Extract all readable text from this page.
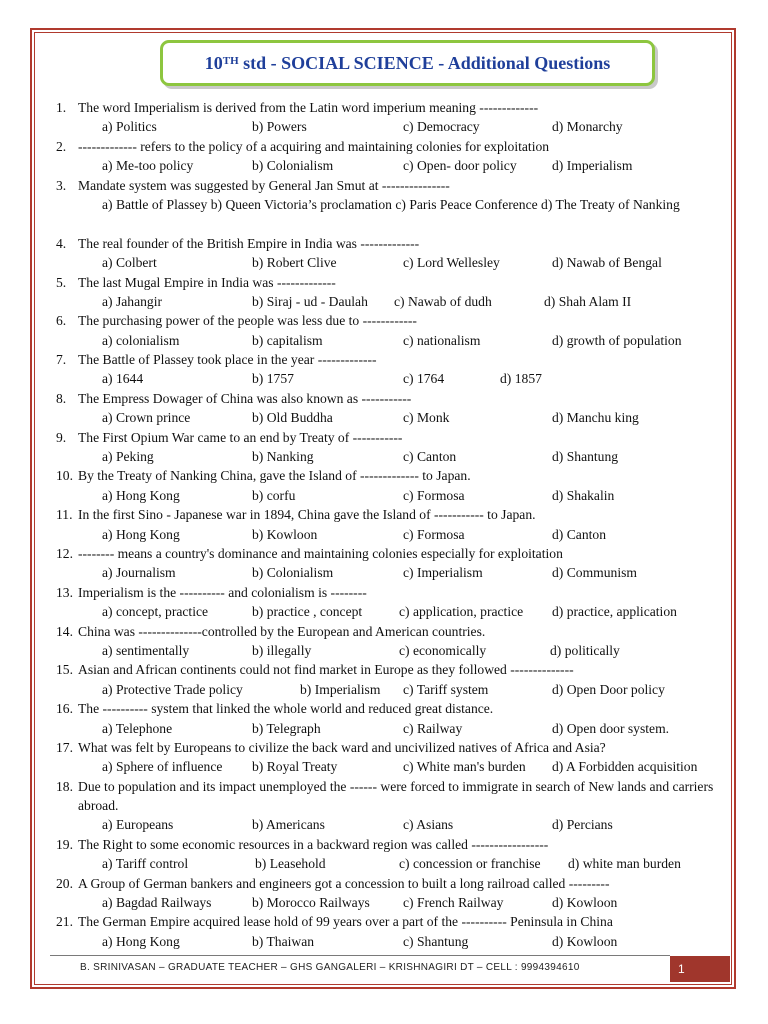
10TH std - SOCIAL SCIENCE - Additional Questions
1. The word Imperialism is derived from the Latin word imperium meaning -------------
a) Politics	b) Powers	c) Democracy	d) Monarchy
2. ------------- refers to the policy of a acquiring and maintaining colonies for exploitation
a) Me-too policy	b) Colonialism	c) Open- door policy	d) Imperialism
3. Mandate system was suggested by General Jan Smut at ---------------
a) Battle of Plassey b) Queen Victoria’s proclamation c) Paris Peace Conference d) The Treaty of Nanking
4. The real founder of the British Empire in India was -------------
a) Colbert	b) Robert Clive	c) Lord Wellesley	d) Nawab of Bengal
5. The last Mugal Empire in India was -------------
a) Jahangir	b) Siraj - ud - Daulah c) Nawab of dudh	d) Shah Alam II
6. The purchasing power of the people was less due to ------------
a) colonialism	b) capitalism	c) nationalism	d) growth of population
7. The Battle of Plassey took place in the year -------------
a) 1644	b) 1757	c) 1764	d) 1857
8. The Empress Dowager of China was also known as -----------
a) Crown prince	b) Old Buddha	c) Monk	d) Manchu king
9. The First Opium War came to an end by Treaty of -----------
a) Peking	b) Nanking	c) Canton	d) Shantung
10. By the Treaty of Nanking China, gave the Island of ------------- to Japan.
a) Hong Kong	b) corfu	c) Formosa	d) Shakalin
11. In the first Sino - Japanese war in 1894, China gave the Island of ----------- to Japan.
a) Hong Kong	b) Kowloon	c) Formosa	d) Canton
12. -------- means a country's dominance and maintaining colonies especially for exploitation
a) Journalism	b) Colonialism	c) Imperialism	d) Communism
13. Imperialism is the ---------- and colonialism is --------
a) concept, practice	b) practice , concept	c) application, practice d) practice, application
14. China was --------------controlled by the European and American countries.
a) sentimentally	b) illegally	c) economically	d) politically
15. Asian and African continents could not find market in Europe as they followed --------------
a) Protective Trade policy	b) Imperialism c) Tariff system	d) Open Door policy
16. The ---------- system that linked the whole world and reduced great distance.
a) Telephone	b) Telegraph	c) Railway	d) Open door system.
17. What was felt by Europeans to civilize the back ward and uncivilized natives of Africa and Asia?
a) Sphere of influence b) Royal Treaty	c) White man's burden d) A Forbidden acquisition
18. Due to population and its impact unemployed the ------ were forced to immigrate in search of New lands and carriers abroad.
a) Europeans	b) Americans	c) Asians	d) Percians
19. The Right to some economic resources in a backward region was called -----------------
a) Tariff control	b) Leasehold	c) concession or franchise d) white man burden
20. A Group of German bankers and engineers got a concession to built a long railroad called ---------
a) Bagdad Railways	b) Morocco Railways c) French Railway	d) Kowloon
21. The German Empire acquired lease hold of 99 years over a part of the ---------- Peninsula in China
a) Hong Kong	b) Thaiwan	c) Shantung	d) Kowloon
B. SRINIVASAN – GRADUATE TEACHER – GHS GANGALERI – KRISHNAGIRI DT – CELL : 9994394610	1
